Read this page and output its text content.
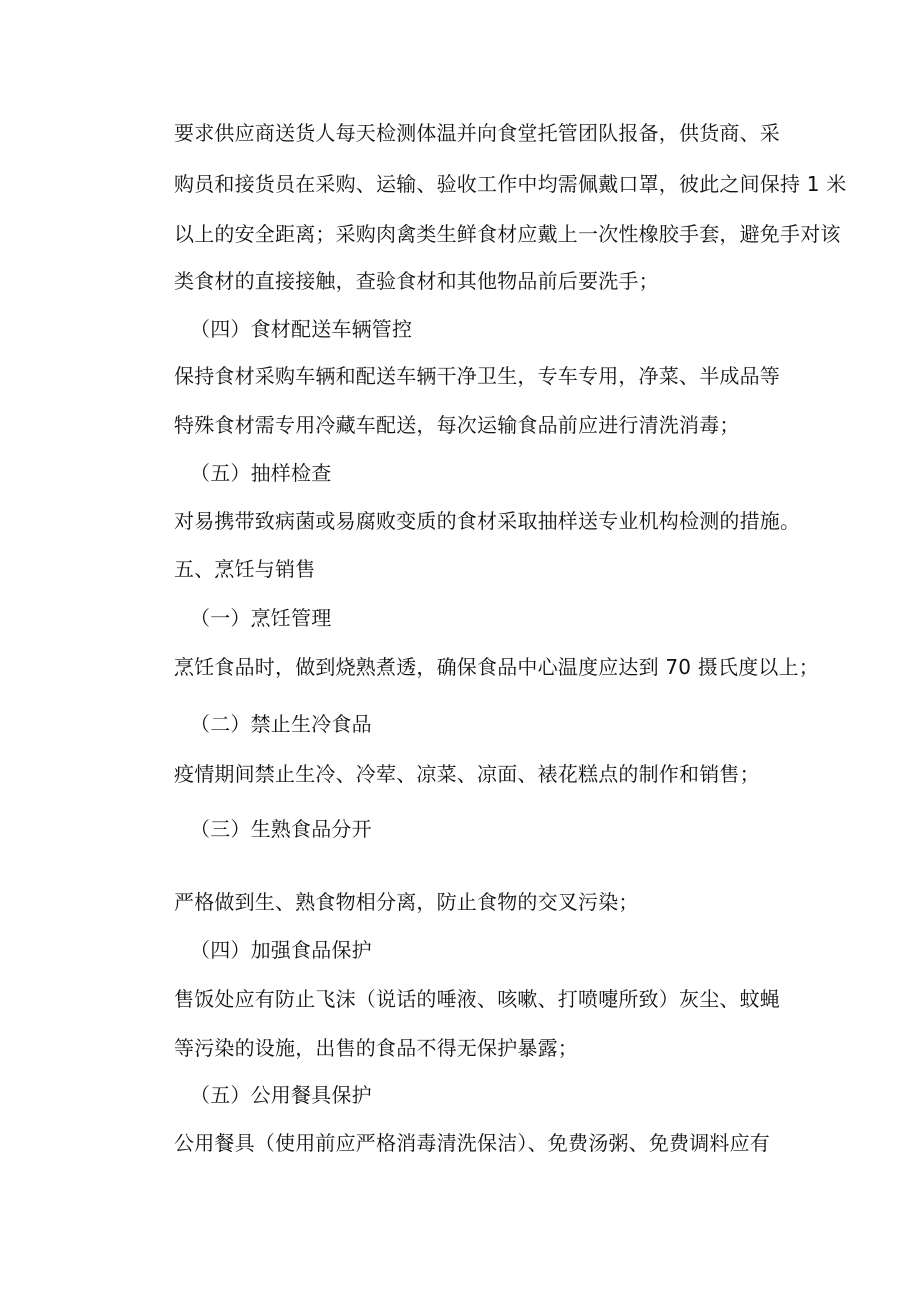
要求供应商送货人每天检测体温并向食堂托管团队报备，供货商、采
购员和接货员在采购、运输、验收工作中均需佩戴口罩，彼此之间保持 1 米
以上的安全距离；采购肉禽类生鲜食材应戴上一次性橡胶手套，避免手对该
类食材的直接接触，查验食材和其他物品前后要洗手；
（四）食材配送车辆管控
保持食材采购车辆和配送车辆干净卫生，专车专用，净菜、半成品等
特殊食材需专用冷藏车配送，每次运输食品前应进行清洗消毒；
（五）抽样检查
对易携带致病菌或易腐败变质的食材采取抽样送专业机构检测的措施。
五、烹饪与销售
（一）烹饪管理
烹饪食品时，做到烧熟煮透，确保食品中心温度应达到 70 摄氏度以上；
（二）禁止生冷食品
疫情期间禁止生冷、冷荤、凉菜、凉面、裱花糕点的制作和销售；
（三）生熟食品分开
严格做到生、熟食物相分离，防止食物的交叉污染；
（四）加强食品保护
售饭处应有防止飞沫（说话的唾液、咳嗽、打喷嚏所致）灰尘、蚊蝇
等污染的设施，出售的食品不得无保护暴露；
（五）公用餐具保护
公用餐具（使用前应严格消毒清洗保洁）、免费汤粥、免费调料应有
